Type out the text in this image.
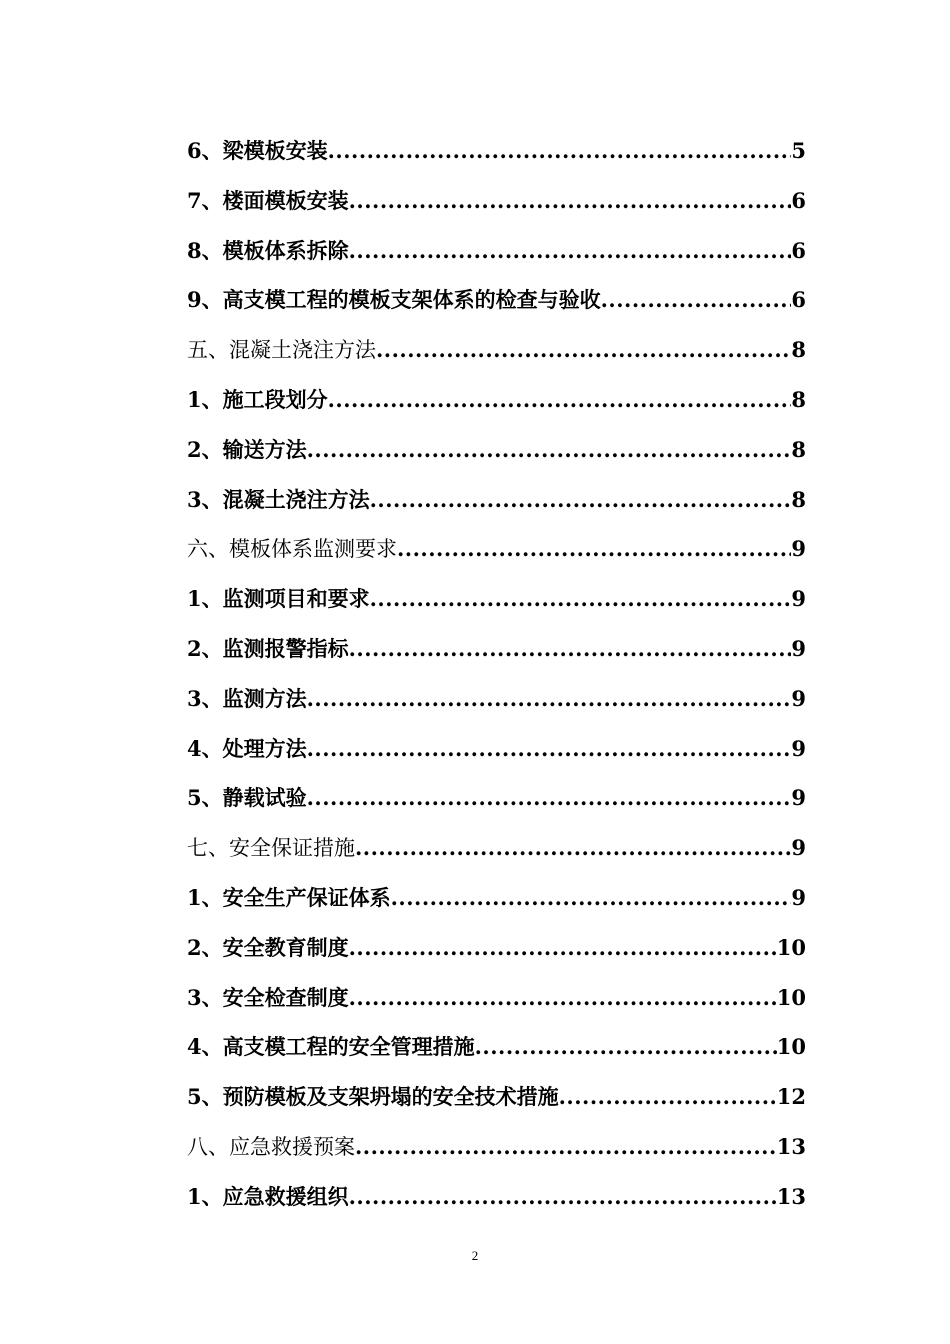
6、梁模板安装 .....	5
7、楼面模板安装 .....	6
8、模板体系拆除 .....	6
9、高支模工程的模板支架体系的检查与验收 .....	6
五、混凝土浇注方法 .....	8
1、施工段划分 .....	8
2、输送方法 .....	8
3、混凝土浇注方法 .....	8
六、模板体系监测要求 .....	9
1、监测项目和要求 .....	9
2、监测报警指标 .....	9
3、监测方法 .....	9
4、处理方法 .....	9
5、静载试验 .....	9
七、安全保证措施 .....	9
1、安全生产保证体系 .....	9
2、安全教育制度 .....	10
3、安全检查制度 .....	10
4、高支模工程的安全管理措施 .....	10
5、预防模板及支架坍塌的安全技术措施 .....	12
八、应急救援预案 .....	13
1、应急救援组织 .....	13
2
